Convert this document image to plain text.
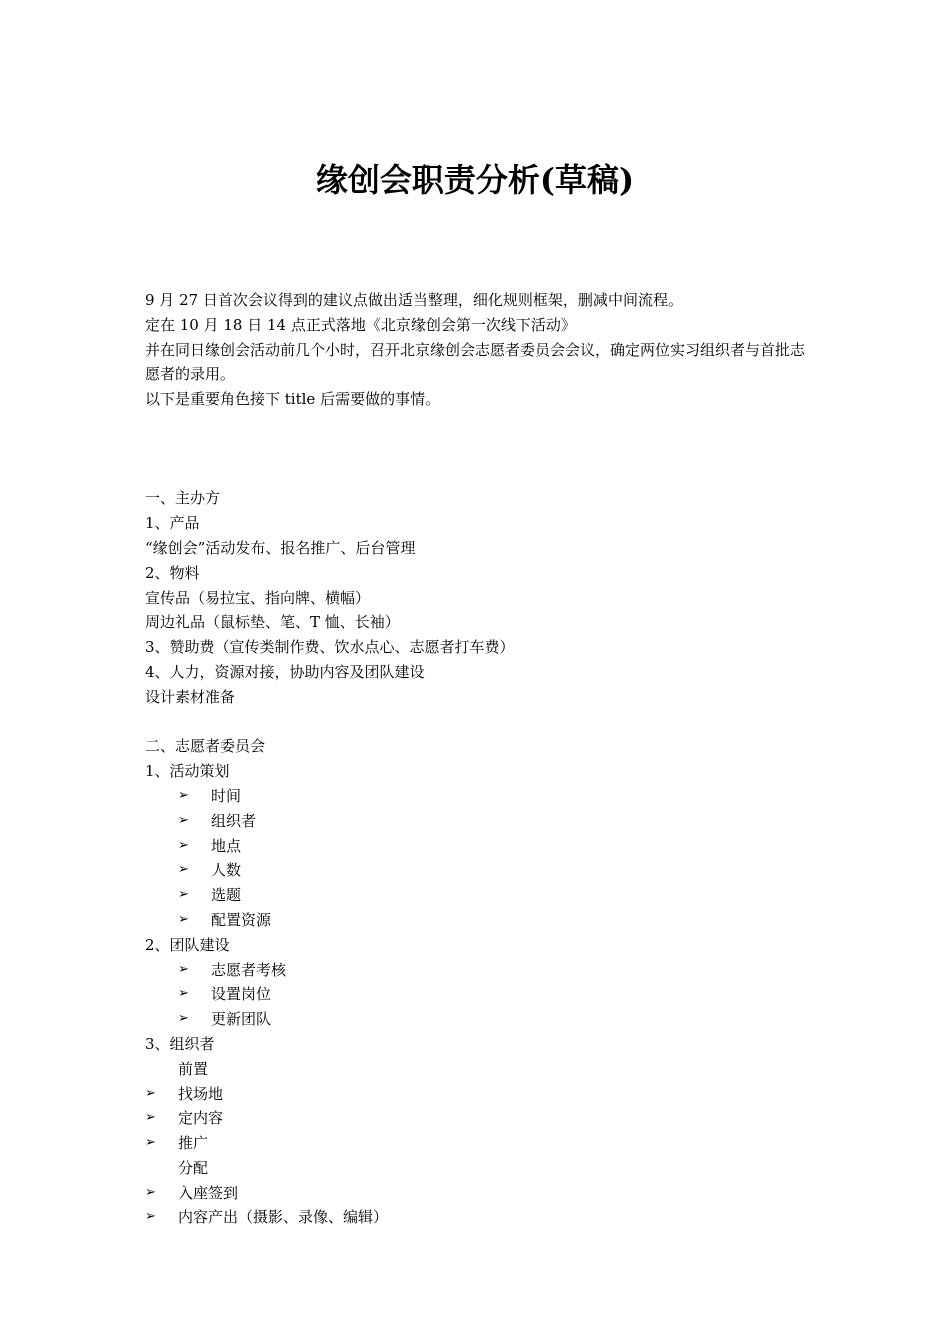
缘创会职责分析(草稿)
9 月 27 日首次会议得到的建议点做出适当整理，细化规则框架，删减中间流程。
定在 10 月 18 日 14 点正式落地《北京缘创会第一次线下活动》
并在同日缘创会活动前几个小时，召开北京缘创会志愿者委员会会议，确定两位实习组织者与首批志愿者的录用。
以下是重要角色接下 title 后需要做的事情。
一、主办方
1、产品
“缘创会”活动发布、报名推广、后台管理
2、物料
宣传品（易拉宝、指向牌、横幅）
周边礼品（鼠标垫、笔、T 恤、长袖）
3、赞助费（宣传类制作费、饮水点心、志愿者打车费）
4、人力，资源对接，协助内容及团队建设
设计素材准备
二、志愿者委员会
1、活动策划
➢	时间
➢	组织者
➢	地点
➢	人数
➢	选题
➢	配置资源
2、团队建设
➢	志愿者考核
➢	设置岗位
➢	更新团队
3、组织者
前置
➢	找场地
➢	定内容
➢	推广
分配
➢	入座签到
➢	内容产出（摄影、录像、编辑）
